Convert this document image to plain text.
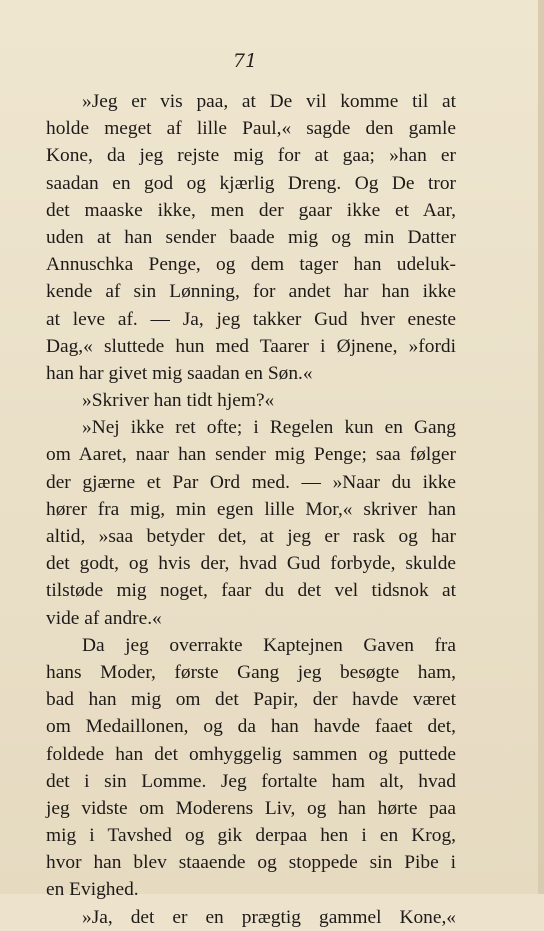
71
»Jeg er vis paa, at De vil komme til at
holde meget af lille Paul,« sagde den gamle
Kone, da jeg rejste mig for at gaa; »han er
saadan en god og kjærlig Dreng. Og De tror
det maaske ikke, men der gaar ikke et Aar,
uden at han sender baade mig og min Datter
Annuschka Penge, og dem tager han udeluk-
kende af sin Lønning, for andet har han ikke
at leve af. — Ja, jeg takker Gud hver eneste
Dag,« sluttede hun med Taarer i Øjnene, »fordi
han har givet mig saadan en Søn.«
»Skriver han tidt hjem?«
»Nej ikke ret ofte; i Regelen kun en Gang
om Aaret, naar han sender mig Penge; saa følger
der gjærne et Par Ord med. — »Naar du ikke
hører fra mig, min egen lille Mor,« skriver han
altid, »saa betyder det, at jeg er rask og har
det godt, og hvis der, hvad Gud forbyde, skulde
tilstøde mig noget, faar du det vel tidsnok at
vide af andre.«
Da jeg overrakte Kaptejnen Gaven fra
hans Moder, første Gang jeg besøgte ham,
bad han mig om det Papir, der havde været
om Medaillonen, og da han havde faaet det,
foldede han det omhyggelig sammen og puttede
det i sin Lomme. Jeg fortalte ham alt, hvad
jeg vidste om Moderens Liv, og han hørte paa
mig i Tavshed og gik derpaa hen i en Krog,
hvor han blev staaende og stoppede sin Pibe i
en Evighed.
»Ja, det er en prægtig gammel Kone,«
